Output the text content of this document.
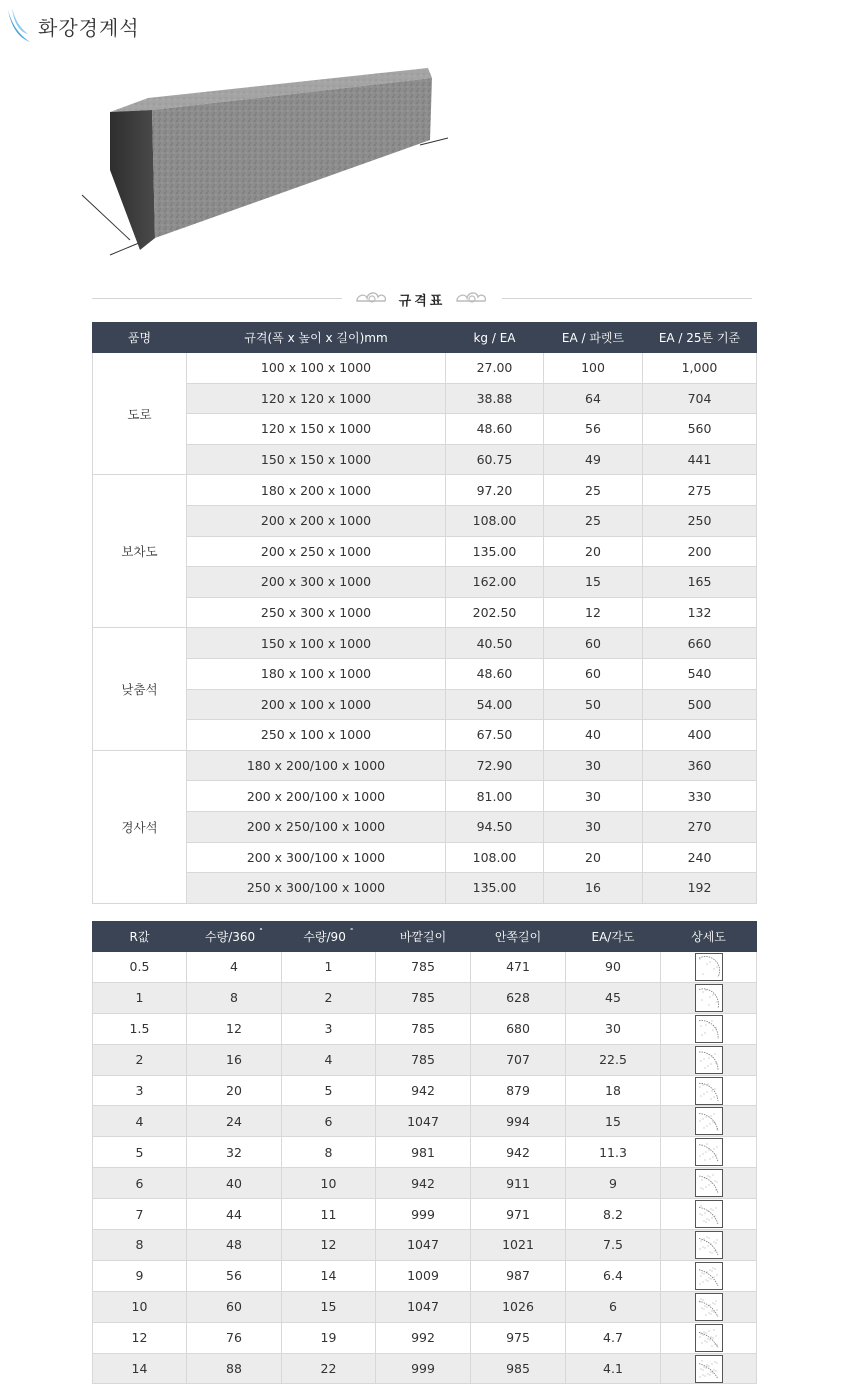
화강경계석
규격표
품명	규격(폭 x 높이 x 길이)mm	kg / EA	EA / 파렛트	EA / 25톤 기준
도로	100 x 100 x 1000	27.00	100	1,000
	120 x 120 x 1000	38.88	64	704
	120 x 150 x 1000	48.60	56	560
	150 x 150 x 1000	60.75	49	441
보차도	180 x 200 x 1000	97.20	25	275
	200 x 200 x 1000	108.00	25	250
	200 x 250 x 1000	135.00	20	200
	200 x 300 x 1000	162.00	15	165
	250 x 300 x 1000	202.50	12	132
낮춤석	150 x 100 x 1000	40.50	60	660
	180 x 100 x 1000	48.60	60	540
	200 x 100 x 1000	54.00	50	500
	250 x 100 x 1000	67.50	40	400
경사석	180 x 200/100 x 1000	72.90	30	360
	200 x 200/100 x 1000	81.00	30	330
	200 x 250/100 x 1000	94.50	30	270
	200 x 300/100 x 1000	108.00	20	240
	250 x 300/100 x 1000	135.00	16	192
R값	수량/360 ˚	수량/90 ˚	바깥길이	안쪽길이	EA/각도	상세도
0.5	4	1	785	471	90	

1	8	2	785	628	45	

1.5	12	3	785	680	30	

2	16	4	785	707	22.5	

3	20	5	942	879	18	

4	24	6	1047	994	15	

5	32	8	981	942	11.3	

6	40	10	942	911	9	

7	44	11	999	971	8.2	

8	48	12	1047	1021	7.5	

9	56	14	1009	987	6.4	

10	60	15	1047	1026	6	

12	76	19	992	975	4.7	

14	88	22	999	985	4.1	
